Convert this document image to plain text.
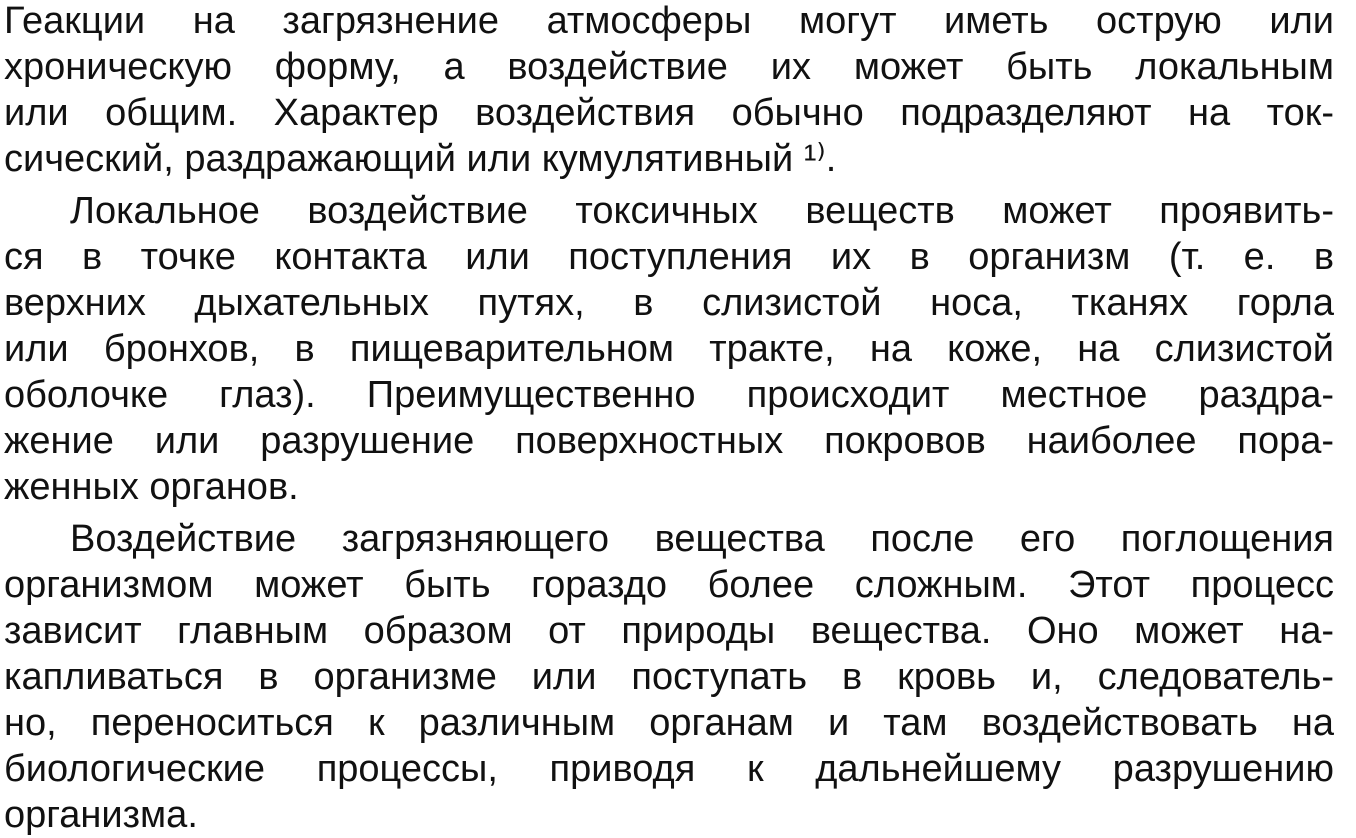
Геакции на загрязнение атмосферы могут иметь острую или
хроническую форму, а воздействие их может быть локальным
или общим. Характер воздействия обычно подразделяют на ток-
сический, раздражающий или кумулятивный ¹⁾.
Локальное воздействие токсичных веществ может проявить-
ся в точке контакта или поступления их в организм (т. е. в
верхних дыхательных путях, в слизистой носа, тканях горла
или бронхов, в пищеварительном тракте, на коже, на слизистой
оболочке глаз). Преимущественно происходит местное раздра-
жение или разрушение поверхностных покровов наиболее пора-
женных органов.
Воздействие загрязняющего вещества после его поглощения
организмом может быть гораздо более сложным. Этот процесс
зависит главным образом от природы вещества. Оно может на-
капливаться в организме или поступать в кровь и, следователь-
но, переноситься к различным органам и там воздействовать на
биологические процессы, приводя к дальнейшему разрушению
организма.
